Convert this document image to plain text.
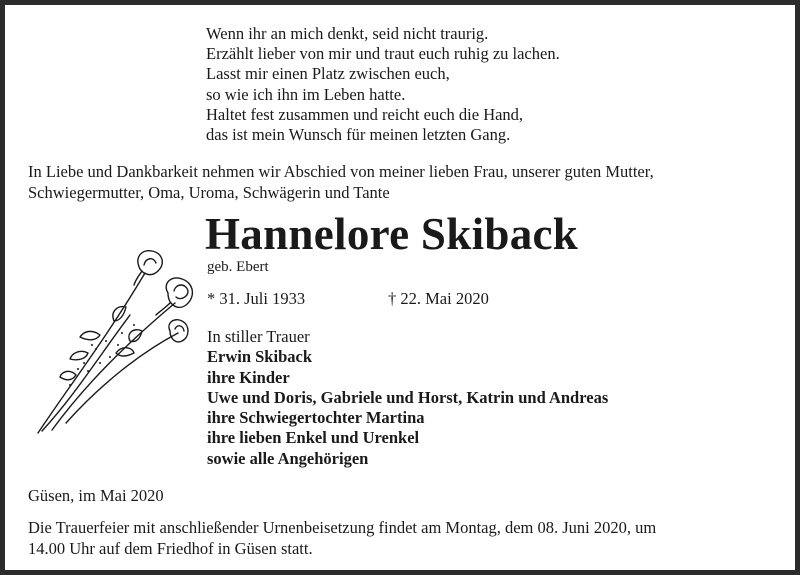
Wenn ihr an mich denkt, seid nicht traurig.
Erzählt lieber von mir und traut euch ruhig zu lachen.
Lasst mir einen Platz zwischen euch,
so wie ich ihn im Leben hatte.
Haltet fest zusammen und reicht euch die Hand,
das ist mein Wunsch für meinen letzten Gang.
In Liebe und Dankbarkeit nehmen wir Abschied von meiner lieben Frau, unserer guten Mutter,
Schwiegermutter, Oma, Uroma, Schwägerin und Tante
Hannelore Skiback
geb. Ebert
* 31. Juli 1933	† 22. Mai 2020
In stiller Trauer
Erwin Skiback
ihre Kinder
Uwe und Doris, Gabriele und Horst, Katrin und Andreas
ihre Schwiegertochter Martina
ihre lieben Enkel und Urenkel
sowie alle Angehörigen
Güsen, im Mai 2020
Die Trauerfeier mit anschließender Urnenbeisetzung findet am Montag, dem 08. Juni 2020, um
14.00 Uhr auf dem Friedhof in Güsen statt.
